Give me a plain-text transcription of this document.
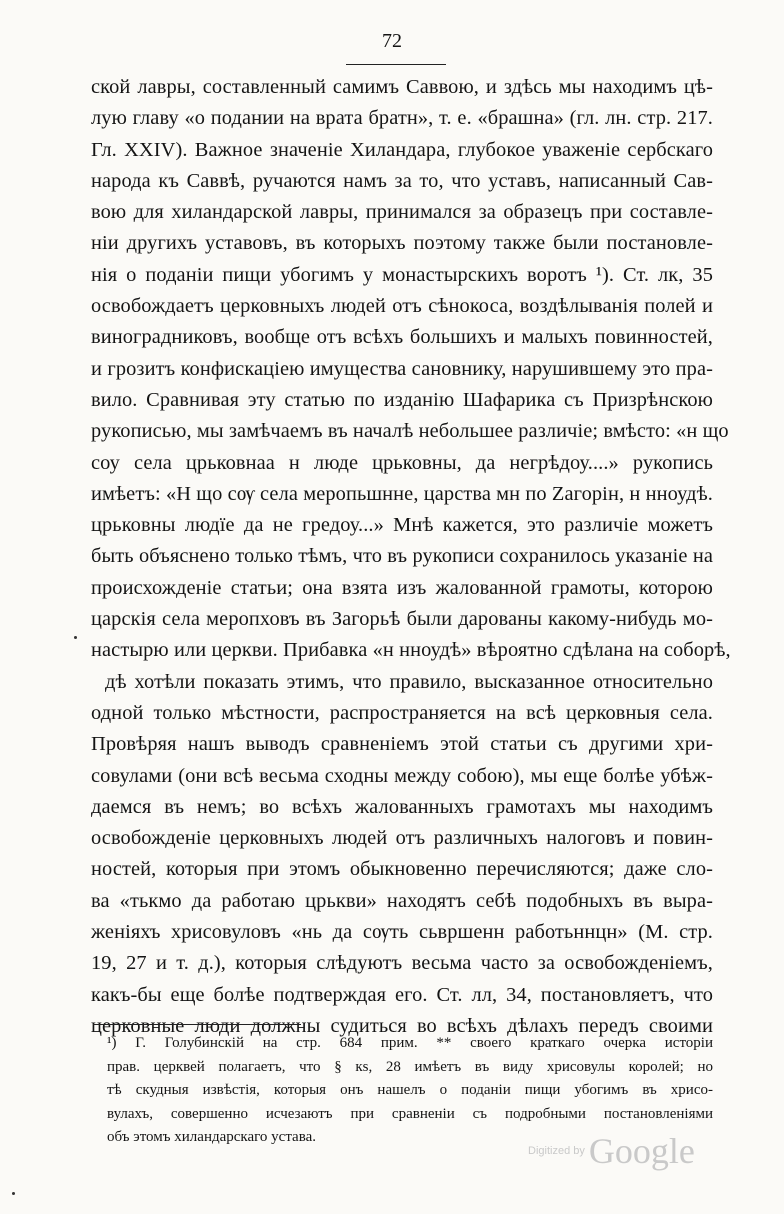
72
ской лавры, составленный самимъ Саввою, и здѣсь мы находимъ цѣ-
лую главу «о подании на врата братн», т. е. «брашна» (гл. лн. стр. 217.
Гл. XXIV). Важное значеніе Хиландара, глубокое уваженіе сербскаго
народа къ Саввѣ, ручаются намъ за то, что уставъ, написанный Сав-
вою для хиландарской лавры, принимался за образецъ при составле-
ніи другихъ уставовъ, въ которыхъ поэтому также были постановле-
нія о поданіи пищи убогимъ у монастырскихъ воротъ ¹). Ст. лк, 35
освобождаетъ церковныхъ людей отъ сѣнокоса, воздѣлыванія полей и
виноградниковъ, вообще отъ всѣхъ большихъ и малыхъ повинностей,
и грозитъ конфискаціею имущества сановнику, нарушившему это пра-
вило. Сравнивая эту статью по изданію Шафарика съ Призрѣнскою
рукописью, мы замѣчаемъ въ началѣ небольшее различіе; вмѣсто: «н що
соу села црьковнаа н люде црьковны, да негрѣдоу....» рукопись
имѣетъ: «Н що сѹ села меропьшнне, царства мн по Zагорін, н нноудѣ.
црьковны людїе да не гредоу...» Мнѣ кажется, это различіе можетъ
быть объяснено только тѣмъ, что въ рукописи сохранилось указаніе на
происхожденіе статьи; она взята изъ жалованной грамоты, которою
царскія села меропховъ въ Загорьѣ были дарованы какому-нибудь мо-
настырю или церкви. Прибавка «н нноудѣ» вѣроятно сдѣлана на соборѣ,
дѣ хотѣли показать этимъ, что правило, высказанное относительно
одной только мѣстности, распространяется на всѣ церковныя села.
Провѣряя нашъ выводъ сравненіемъ этой статьи съ другими хри-
совулами (они всѣ весьма сходны между собою), мы еще болѣе убѣж-
даемся въ немъ; во всѣхъ жалованныхъ грамотахъ мы находимъ
освобожденіе церковныхъ людей отъ различныхъ налоговъ и повин-
ностей, которыя при этомъ обыкновенно перечисляются; даже сло-
ва «тькмо да работаю црькви» находятъ себѣ подобныхъ въ выра-
женіяхъ хрисовуловъ «нь да сѹть сьвршенн работьннцн» (М. стр.
19, 27 и т. д.), которыя слѣдуютъ весьма часто за освобожденіемъ,
какъ-бы еще болѣе подтверждая его. Ст. лл, 34, постановляетъ, что
церковные люди должны судиться во всѣхъ дѣлахъ передъ своими
¹) Г. Голубинскій на стр. 684 прим. ** своего краткаго очерка исторіи
прав. церквей полагаетъ, что § кѕ, 28 имѣетъ въ виду хрисовулы королей; но
тѣ скудныя извѣстія, которыя онъ нашелъ о поданіи пищи убогимъ въ хрисо-
вулахъ, совершенно исчезаютъ при сравненіи съ подробными постановленіями
объ этомъ хиландарскаго устава.
Digitized by Google
